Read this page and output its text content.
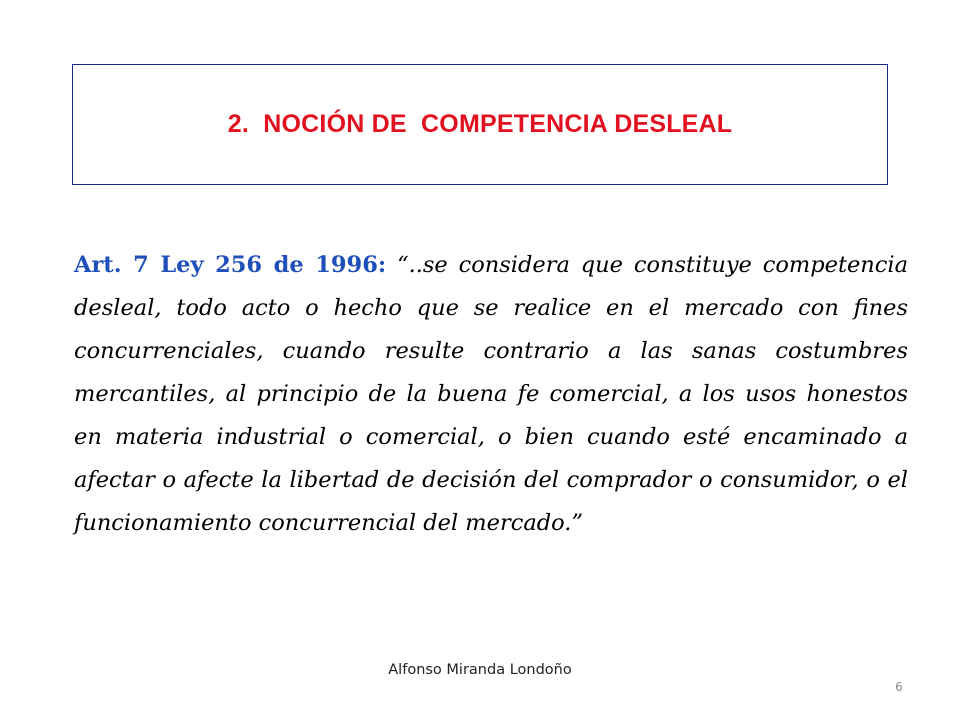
2.  NOCIÓN DE  COMPETENCIA DESLEAL

Art. 7 Ley 256 de 1996: “..se considera que constituye competencia desleal, todo acto o hecho que se realice en el mercado con fines concurrenciales, cuando resulte contrario a las sanas costumbres mercantiles, al principio de la buena fe comercial, a los usos honestos en materia industrial o comercial, o bien cuando esté encaminado a afectar o afecte la libertad de decisión del comprador o consumidor, o el funcionamiento concurrencial del mercado.”

Alfonso Miranda Londoño
6
